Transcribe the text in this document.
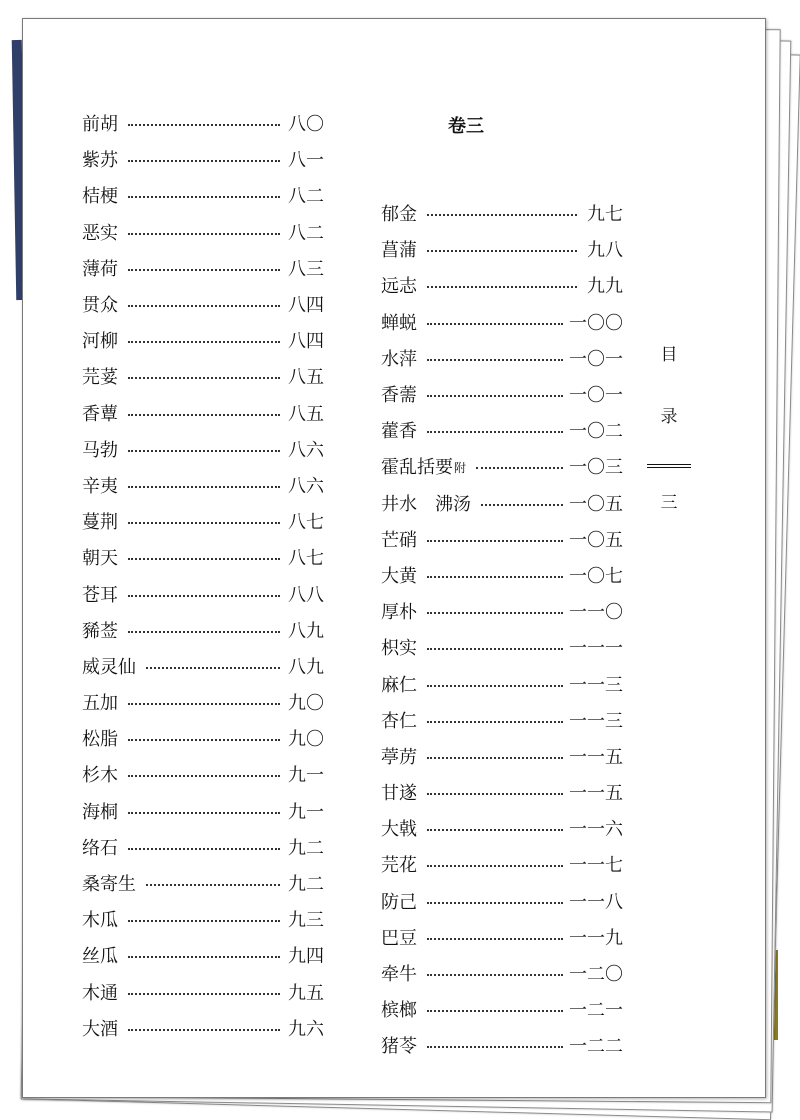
前胡	八〇
紫苏	八一
桔梗	八二
恶实	八二
薄荷	八三
贯众	八四
河柳	八四
芫荽	八五
香蕈	八五
马勃	八六
辛夷	八六
蔓荆	八七
朝天	八七
苍耳	八八
豨莶	八九
威灵仙	八九
五加	九〇
松脂	九〇
杉木	九一
海桐	九一
络石	九二
桑寄生	九二
木瓜	九三
丝瓜	九四
木通	九五
大酒	九六
郁金	九七
菖蒲	九八
远志	九九
蝉蜕	一〇〇
水萍	一〇一
香薷	一〇一
藿香	一〇二
霍乱括要 附	一〇三
井水　沸汤	一〇五
芒硝	一〇五
大黄	一〇七
厚朴	一一〇
枳实	一一一
麻仁	一一三
杏仁	一一三
葶苈	一一五
甘遂	一一五
大戟	一一六
芫花	一一七
防己	一一八
巴豆	一一九
牵牛	一二〇
槟榔	一二一
猪苓	一二二
卷三
目
录
三
